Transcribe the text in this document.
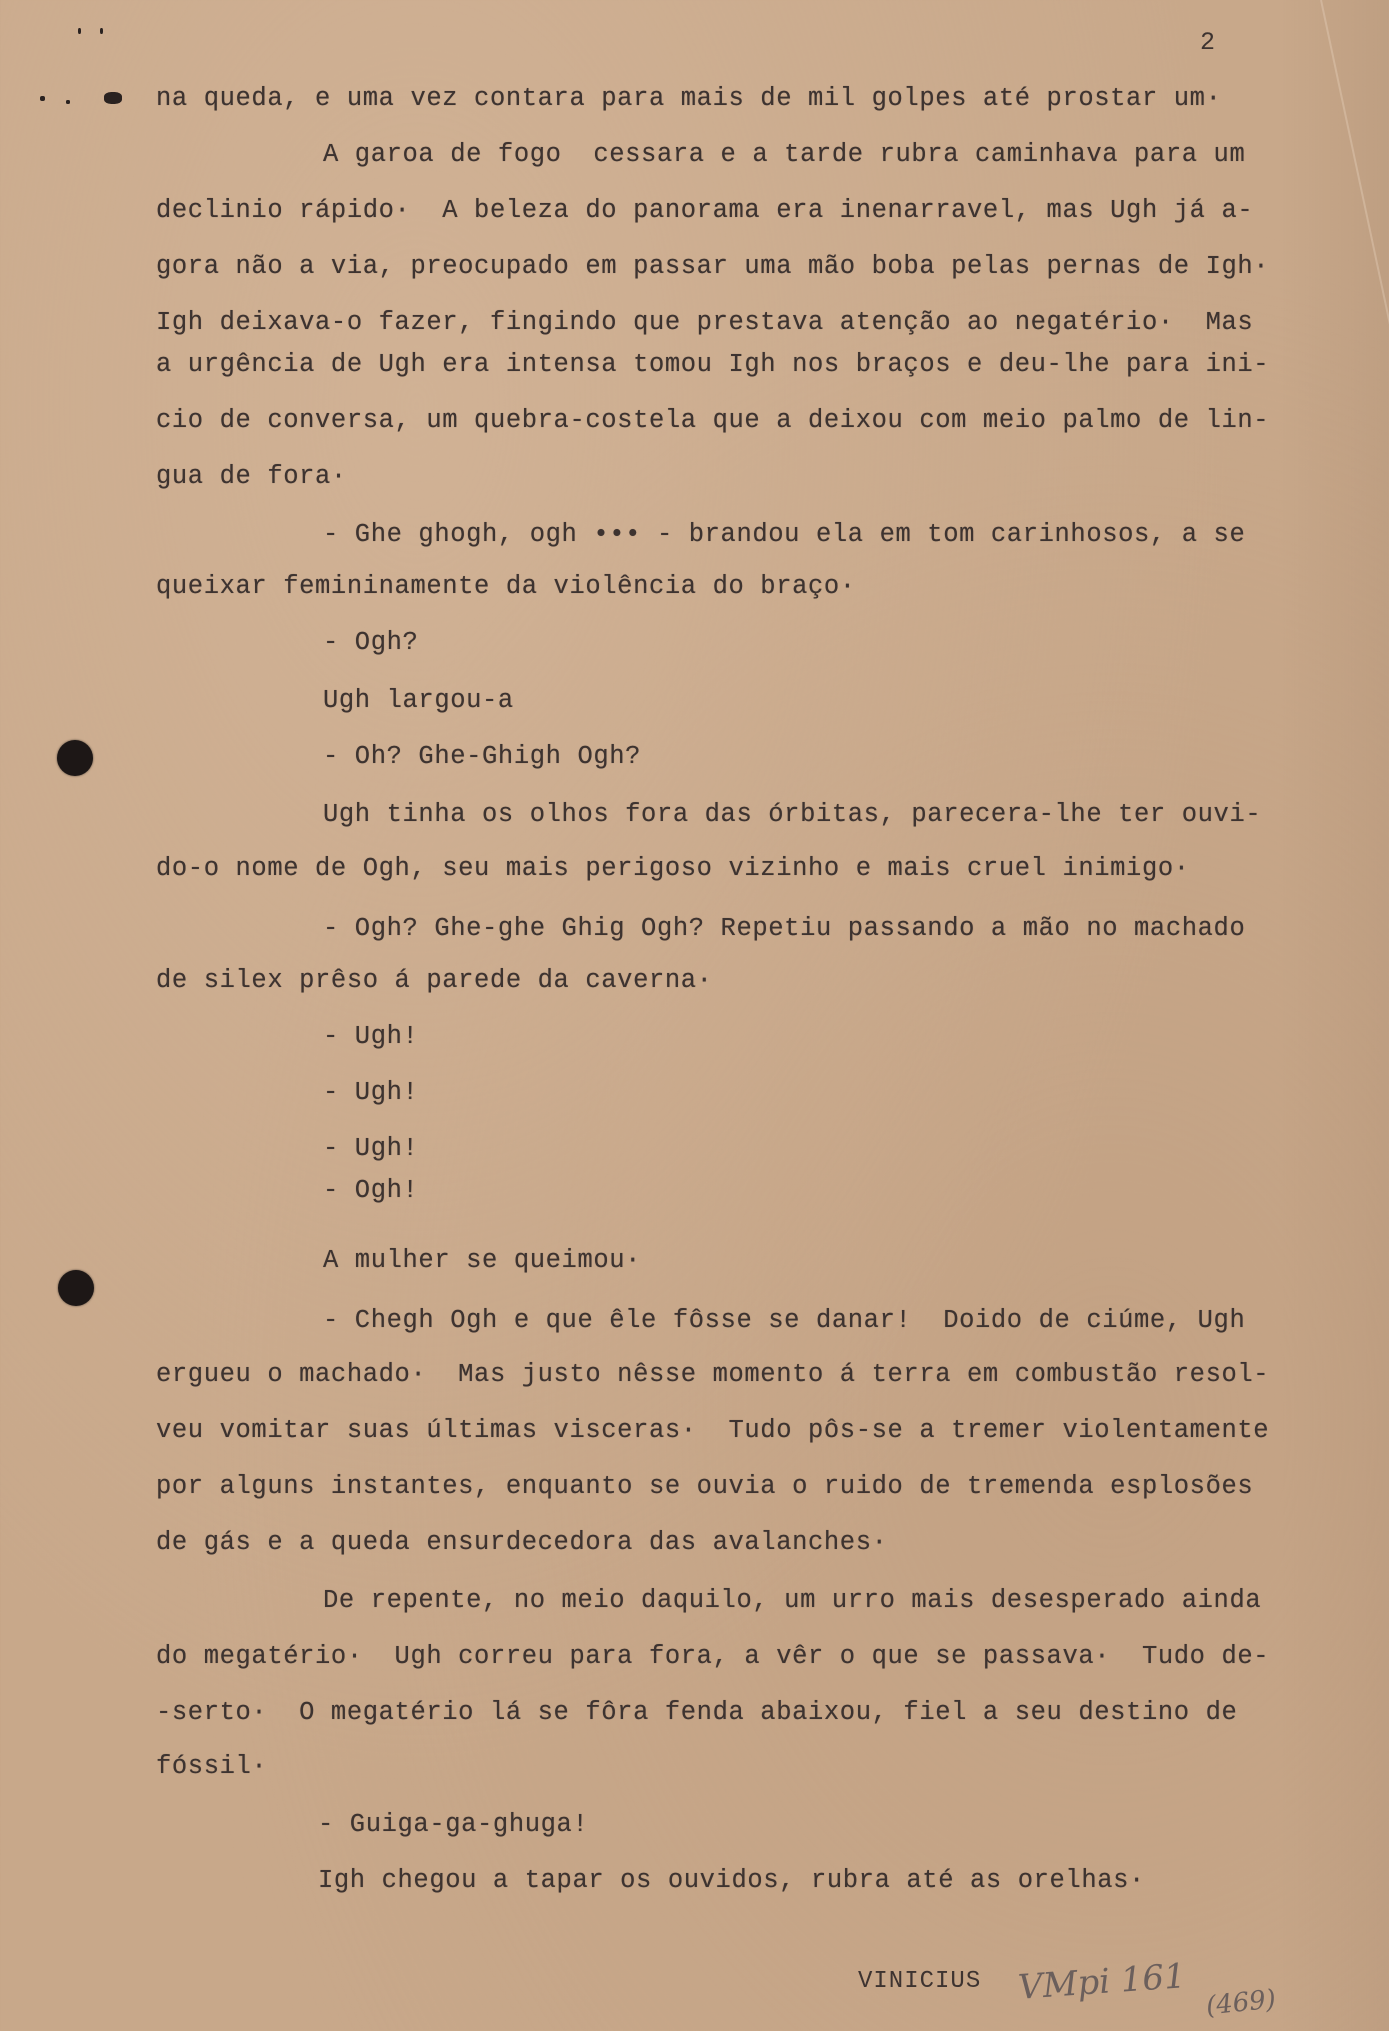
2
na queda, e uma vez contara para mais de mil golpes até prostar um·
A garoa de fogo  cessara e a tarde rubra caminhava para um
declinio rápido·  A beleza do panorama era inenarravel, mas Ugh já a-
gora não a via, preocupado em passar uma mão boba pelas pernas de Igh·
Igh deixava-o fazer, fingindo que prestava atenção ao negatério·  Mas
a urgência de Ugh era intensa tomou Igh nos braços e deu-lhe para ini-
cio de conversa, um quebra-costela que a deixou com meio palmo de lin-
gua de fora·
- Ghe ghogh, ogh ••• - brandou ela em tom carinhosos, a se
queixar femininamente da violência do braço·
- Ogh?
Ugh largou-a
- Oh? Ghe-Ghigh Ogh?
Ugh tinha os olhos fora das órbitas, parecera-lhe ter ouvi-
do-o nome de Ogh, seu mais perigoso vizinho e mais cruel inimigo·
- Ogh? Ghe-ghe Ghig Ogh? Repetiu passando a mão no machado
de silex prêso á parede da caverna·
- Ugh!
- Ugh!
- Ugh!
- Ogh!
A mulher se queimou·
- Chegh Ogh e que êle fôsse se danar!  Doido de ciúme, Ugh
ergueu o machado·  Mas justo nêsse momento á terra em combustão resol-
veu vomitar suas últimas visceras·  Tudo pôs-se a tremer violentamente
por alguns instantes, enquanto se ouvia o ruido de tremenda esplosões
de gás e a queda ensurdecedora das avalanches·
De repente, no meio daquilo, um urro mais desesperado ainda
do megatério·  Ugh correu para fora, a vêr o que se passava·  Tudo de-
-serto·  O megatério lá se fôra fenda abaixou, fiel a seu destino de
fóssil·
- Guiga-ga-ghuga!
Igh chegou a tapar os ouvidos, rubra até as orelhas·
VINICIUS VMpi 161 (469)
